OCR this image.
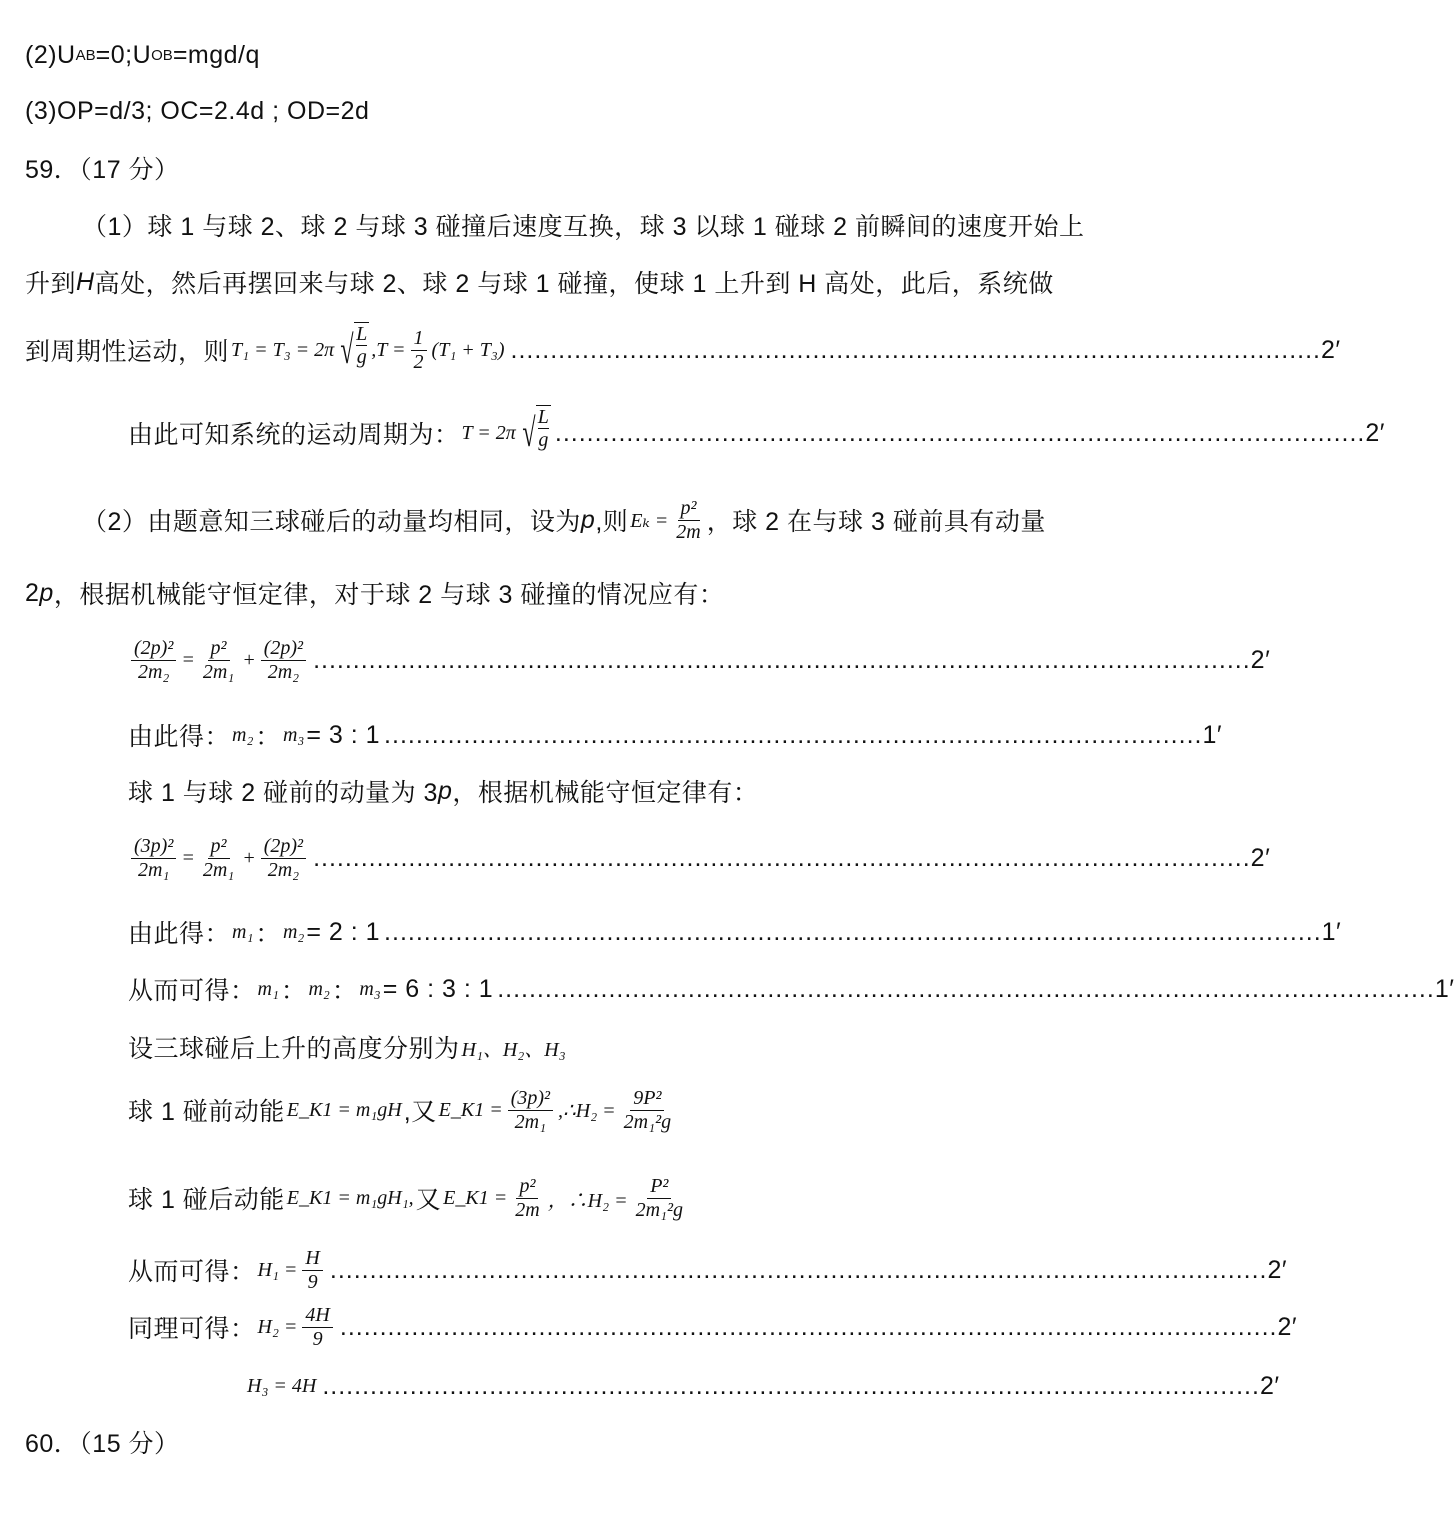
(2)U AB =0;U OB =mgd/q
(3)OP=d/3; OC=2.4d ; OD=2d
59．（17 分）
（1）球 1 与球 2、球 2 与球 3 碰撞后速度互换，球 3 以球 1 碰球 2 前瞬间的速度开始上
升到 H 高处，然后再摆回来与球 2、球 2 与球 1 碰撞，使球 1 上升到 H 高处，此后，系统做
到周期性运动，则 T₁ = T₃ = 2π √ $\frac{L}{g} ,T = \frac{1}{2} (T_1 + T_3)$ ...................................................................................................... 2′
由此可知系统的运动周期为： T = 2π √ $\frac{L}{g}$ ...................................................................................................... 2′
（2）由题意知三球碰后的动量均相同，设为 p ,则 $E_k = \frac{\text{p²}}{2m}$ ，球 2 在与球 3 碰前具有动量
2 p ，根据机械能守恒定律，对于球 2 与球 3 碰撞的情况应有：
$\frac{\text{(2p)²}}{\text{2m₂}} = \frac{\text{p²}}{\text{2m₁}} + \frac{\text{(2p)²}}{\text{2m₂}}$ ...................................................................................................................... 2′
由此得： m₂ ： m₃ = 3 : 1 ....................................................................................................... 1′
球 1 与球 2 碰前的动量为 3 p ，根据机械能守恒定律有：
$\frac{\text{(3p)²}}{\text{2m₁}} = \frac{\text{p²}}{\text{2m₁}} + \frac{\text{(2p)²}}{\text{2m₂}}$ ...................................................................................................................... 2′
由此得： m₁ ： m₂ = 2 : 1 ...................................................................................................................... 1′
从而可得： m₁ ： m₂ ： m₃ = 6 : 3 : 1 ...................................................................................................................... 1′
设三球碰后上升的高度分别为 H₁、H₂、H₃
球 1 碰前动能 E_K1 = m₁gH ,又 E_K1 = $\frac{\text{(3p)²}}{\text{2m₁}}$ ,∴H₂ = $\frac{\text{9P²}}{\text{2m₁²g}}$
球 1 碰后动能 E_K1 = m₁gH₁, 又 E_K1 = $\frac{\text{p²}}{2m}$ ，∴H₂ = $\frac{\text{P²}}{\text{2m₁²g}}$
从而可得： $H_1 = \frac{H}{9}$ ...................................................................................................................... 2′
同理可得： $H_2 = \frac{4H}{9}$ ...................................................................................................................... 2′
H₃ = 4H ...................................................................................................................... 2′
60．（15 分）
